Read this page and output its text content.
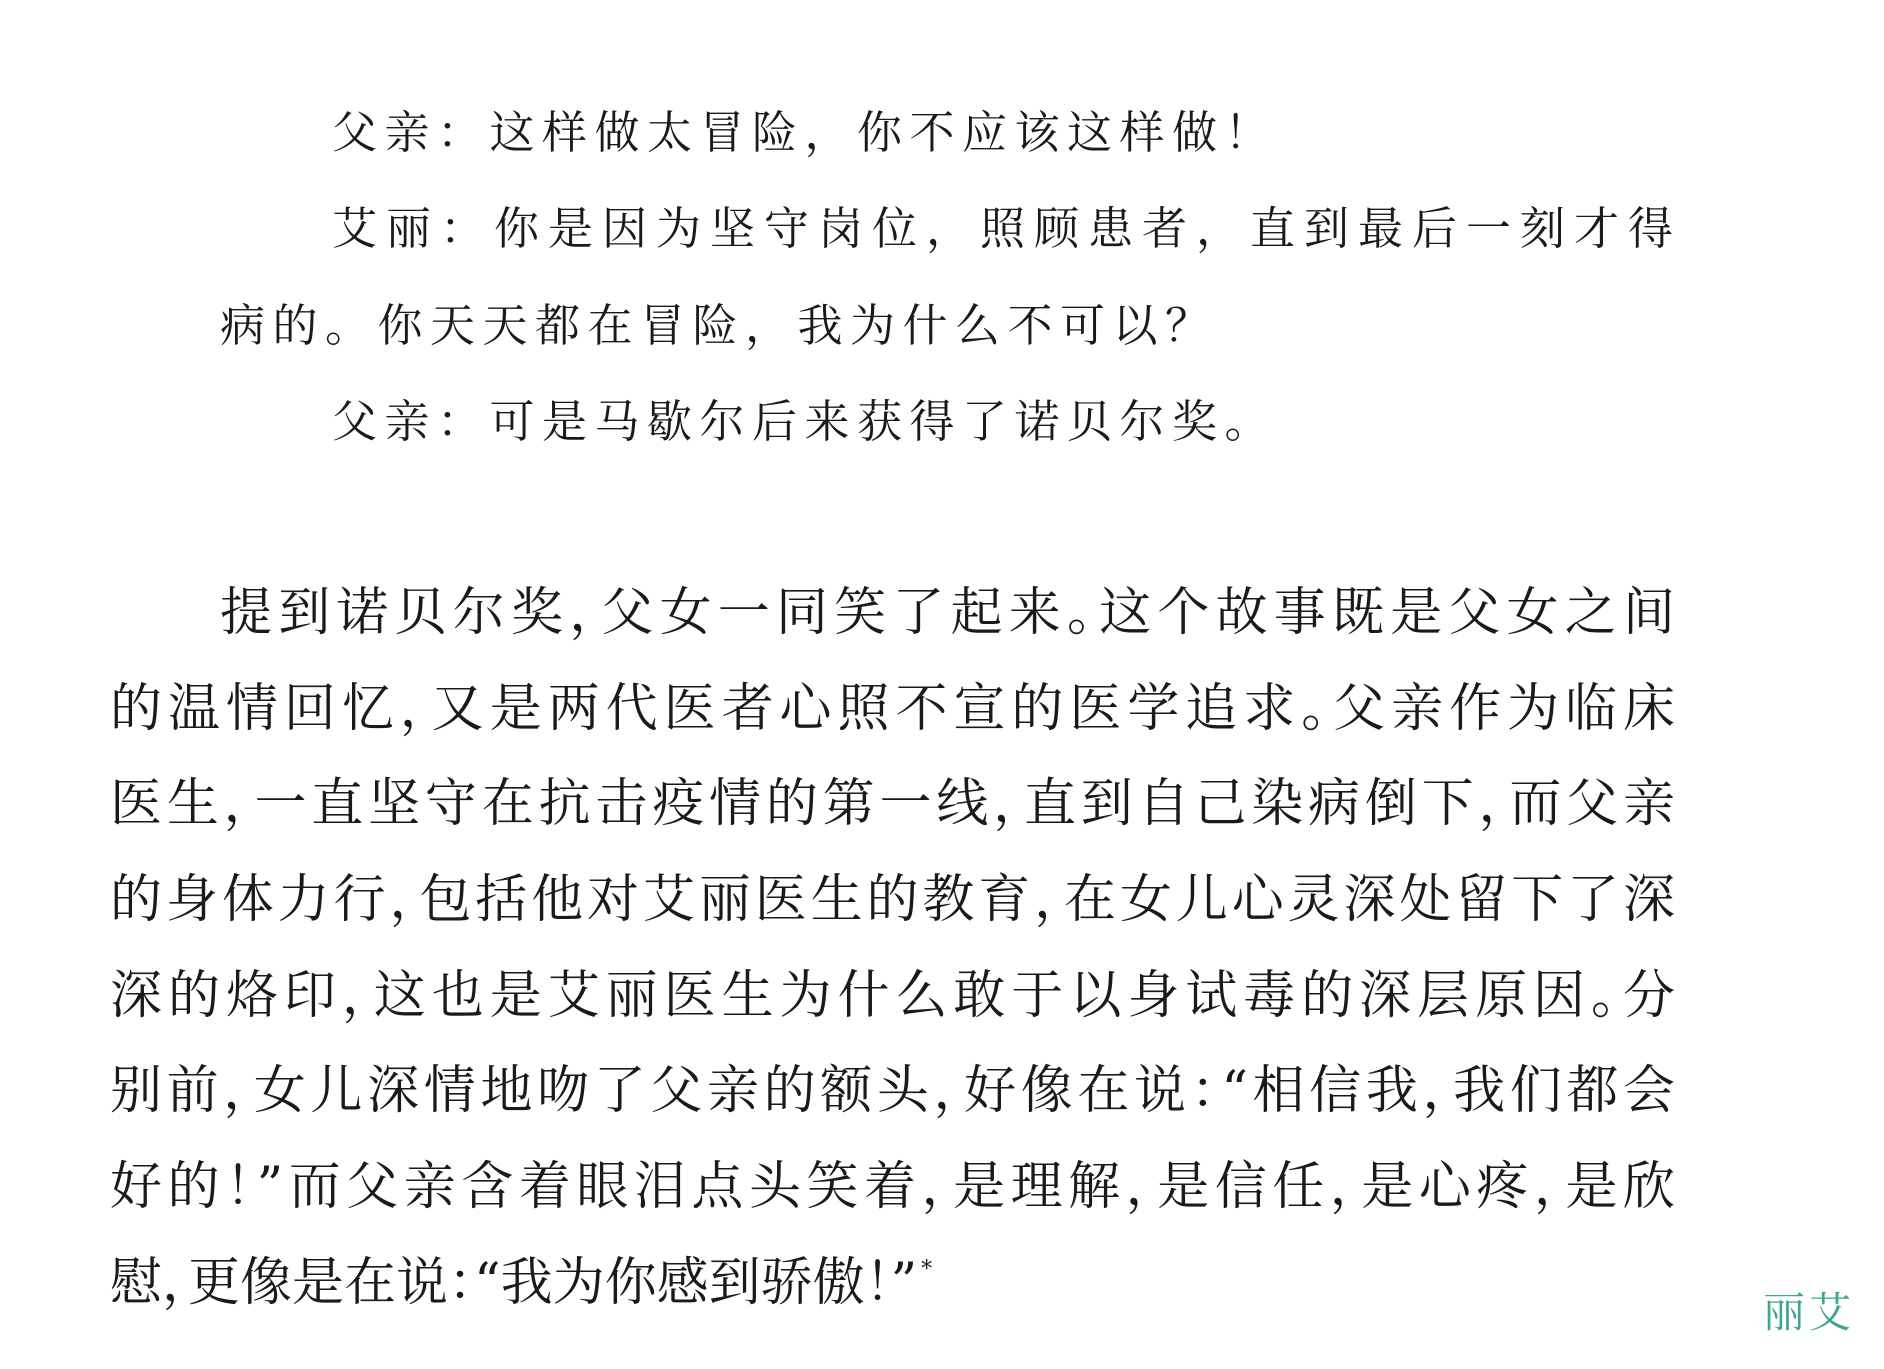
父亲：这样做太冒险，你不应该这样做！
艾丽：你是因为坚守岗位，照顾患者，直到最后一刻才得
病的。你天天都在冒险，我为什么不可以？
父亲：可是马歇尔后来获得了诺贝尔奖。
提到诺贝尔奖，父女一同笑了起来。这个故事既是父女之间
的温情回忆，又是两代医者心照不宣的医学追求。父亲作为临床
医生，一直坚守在抗击疫情的第一线，直到自己染病倒下，而父亲
的身体力行，包括他对艾丽医生的教育，在女儿心灵深处留下了深
深的烙印，这也是艾丽医生为什么敢于以身试毒的深层原因。分
别前，女儿深情地吻了父亲的额头，好像在说：“相信我，我们都会
好的！”而父亲含着眼泪点头笑着，是理解，是信任，是心疼，是欣
慰，更像是在说：“我为你感到骄傲！” *
艾丽
